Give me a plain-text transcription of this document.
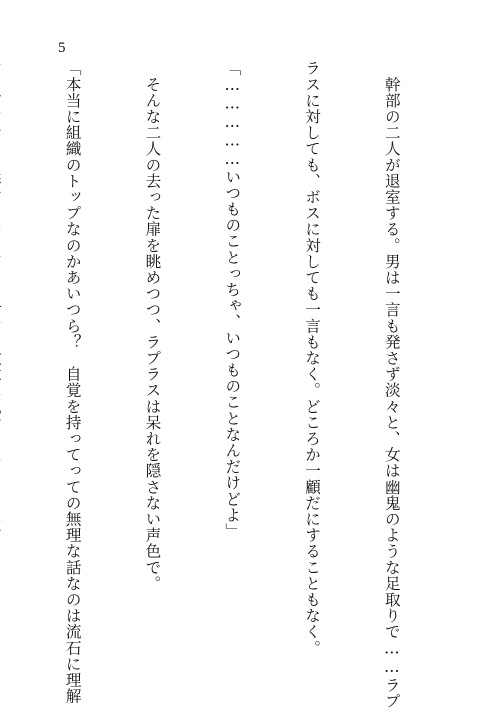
5

　幹部の二人が退室する。男は一言も発さず淡々と、女は幽鬼のような足取りで……ラプ

ラスに対しても、ボスに対しても一言もなく。どころか一顧だにすることもなく。

「……………いつものことっちゃ、いつものことなんだけどよ」

　そんな二人の去った扉を眺めつつ、ラプラスは呆れを隠さない声色で。

「本当に組織のトップなのかあいつら？　自覚を持ってっての無理な話なのは流石に理解
